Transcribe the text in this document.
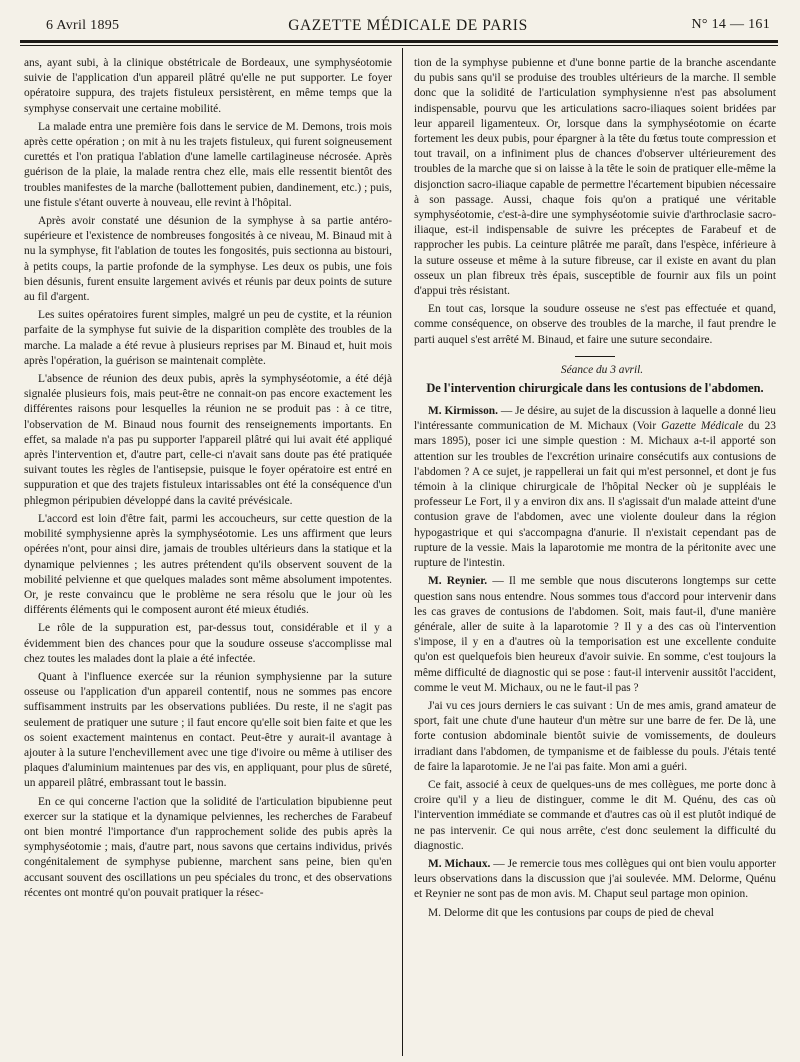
6 Avril 1895	GAZETTE MÉDICALE DE PARIS	N° 14 — 161

ans, ayant subi, à la clinique obstétricale de Bordeaux, une symphyséotomie suivie de l'application d'un appareil plâtré qu'elle ne put supporter. Le foyer opératoire suppura, des trajets fistuleux persistèrent, en même temps que la symphyse conservait une certaine mobilité.

La malade entra une première fois dans le service de M. Demons, trois mois après cette opération ; on mit à nu les trajets fistuleux, qui furent soigneusement curettés et l'on pratiqua l'ablation d'une lamelle cartilagineuse nécrosée. Après guérison de la plaie, la malade rentra chez elle, mais elle ressentit bientôt des troubles manifestes de la marche (ballottement pubien, dandinement, etc.) ; puis, une fistule s'étant ouverte à nouveau, elle revint à l'hôpital.

Après avoir constaté une désunion de la symphyse à sa partie antéro-supérieure et l'existence de nombreuses fongosités à ce niveau, M. Binaud mit à nu la symphyse, fit l'ablation de toutes les fongosités, puis sectionna au bistouri, à petits coups, la partie profonde de la symphyse. Les deux os pubis, une fois bien désunis, furent ensuite largement avivés et réunis par deux points de suture au fil d'argent.

Les suites opératoires furent simples, malgré un peu de cystite, et la réunion parfaite de la symphyse fut suivie de la disparition complète des troubles de la marche. La malade a été revue à plusieurs reprises par M. Binaud et, huit mois après l'opération, la guérison se maintenait complète.

L'absence de réunion des deux pubis, après la symphyséotomie, a été déjà signalée plusieurs fois, mais peut-être ne connait-on pas encore exactement les différentes raisons pour lesquelles la réunion ne se produit pas : à ce titre, l'observation de M. Binaud nous fournit des renseignements importants. En effet, sa malade n'a pas pu supporter l'appareil plâtré qui lui avait été appliqué après l'intervention et, d'autre part, celle-ci n'avait sans doute pas été pratiquée suivant toutes les règles de l'antisepsie, puisque le foyer opératoire est entré en suppuration et que des trajets fistuleux intarissables ont été la conséquence d'un phlegmon péripubien développé dans la cavité prévésicale.

L'accord est loin d'être fait, parmi les accoucheurs, sur cette question de la mobilité symphysienne après la symphyséotomie. Les uns affirment que leurs opérées n'ont, pour ainsi dire, jamais de troubles ultérieurs dans la statique et la dynamique pelviennes ; les autres prétendent qu'ils observent souvent de la mobilité pelvienne et que quelques malades sont même absolument impotentes. Or, je reste convaincu que le problème ne sera résolu que le jour où les différents éléments qui le composent auront été mieux étudiés.

Le rôle de la suppuration est, par-dessus tout, considérable et il y a évidemment bien des chances pour que la soudure osseuse s'accomplisse mal chez toutes les malades dont la plaie a été infectée.

Quant à l'influence exercée sur la réunion symphysienne par la suture osseuse ou l'application d'un appareil contentif, nous ne sommes pas encore suffisamment instruits par les observations publiées. Du reste, il ne s'agit pas seulement de pratiquer une suture ; il faut encore qu'elle soit bien faite et que les os soient exactement maintenus en contact. Peut-être y aurait-il avantage à ajouter à la suture l'enchevillement avec une tige d'ivoire ou même à utiliser des plaques d'aluminium maintenues par des vis, en appliquant, pour plus de sûreté, un appareil plâtré, embrassant tout le bassin.

En ce qui concerne l'action que la solidité de l'articulation bipubienne peut exercer sur la statique et la dynamique pelviennes, les recherches de Farabeuf ont bien montré l'importance d'un rapprochement solide des pubis après la symphyséotomie ; mais, d'autre part, nous savons que certains individus, privés congénitalement de symphyse pubienne, marchent sans peine, bien qu'en accusant souvent des oscillations un peu spéciales du tronc, et des observations récentes ont montré qu'on pouvait pratiquer la résec-

tion de la symphyse pubienne et d'une bonne partie de la branche ascendante du pubis sans qu'il se produise des troubles ultérieurs de la marche. Il semble donc que la solidité de l'articulation symphysienne n'est pas absolument indispensable, pourvu que les articulations sacro-iliaques soient bridées par leur appareil ligamenteux. Or, lorsque dans la symphyséotomie on écarte fortement les deux pubis, pour épargner à la tête du fœtus toute compression et tout travail, on a infiniment plus de chances d'observer ultérieurement des troubles de la marche que si on laisse à la tête le soin de pratiquer elle-même la disjonction sacro-iliaque capable de permettre l'écartement bipubien nécessaire à son passage. Aussi, chaque fois qu'on a pratiqué une véritable symphyséotomie, c'est-à-dire une symphyséotomie suivie d'arthroclasie sacro-iliaque, est-il indispensable de suivre les préceptes de Farabeuf et de rapprocher les pubis. La ceinture plâtrée me paraît, dans l'espèce, inférieure à la suture osseuse et même à la suture fibreuse, car il existe en avant du plan osseux un plan fibreux très épais, susceptible de fournir aux fils un point d'appui très résistant.

En tout cas, lorsque la soudure osseuse ne s'est pas effectuée et quand, comme conséquence, on observe des troubles de la marche, il faut prendre le parti auquel s'est arrêté M. Binaud, et faire une suture secondaire.

Séance du 3 avril.

De l'intervention chirurgicale dans les contusions de l'abdomen.

M. Kirmisson. — Je désire, au sujet de la discussion à laquelle a donné lieu l'intéressante communication de M. Michaux (Voir Gazette Médicale du 23 mars 1895), poser ici une simple question : M. Michaux a-t-il apporté son attention sur les troubles de l'excrétion urinaire consécutifs aux contusions de l'abdomen ? A ce sujet, je rappellerai un fait qui m'est personnel, et dont je fus témoin à la clinique chirurgicale de l'hôpital Necker où je suppléais le professeur Le Fort, il y a environ dix ans. Il s'agissait d'un malade atteint d'une contusion grave de l'abdomen, avec une violente douleur dans la région hypogastrique et qui s'accompagna d'anurie. Il n'existait cependant pas de rupture de la vessie. Mais la laparotomie me montra de la péritonite avec une rupture de l'intestin.

M. Reynier. — Il me semble que nous discuterons longtemps sur cette question sans nous entendre. Nous sommes tous d'accord pour intervenir dans les cas graves de contusions de l'abdomen. Soit, mais faut-il, d'une manière générale, aller de suite à la laparotomie ? Il y a des cas où l'intervention s'impose, il y en a d'autres où la temporisation est une excellente conduite qu'on est quelquefois bien heureux d'avoir suivie. En somme, c'est toujours la même difficulté de diagnostic qui se pose : faut-il intervenir aussitôt l'accident, comme le veut M. Michaux, ou ne le faut-il pas ?

J'ai vu ces jours derniers le cas suivant : Un de mes amis, grand amateur de sport, fait une chute d'une hauteur d'un mètre sur une barre de fer. De là, une forte contusion abdominale bientôt suivie de vomissements, de douleurs irradiant dans l'abdomen, de tympanisme et de faiblesse du pouls. J'étais tenté de faire la laparotomie. Je ne l'ai pas faite. Mon ami a guéri.

Ce fait, associé à ceux de quelques-uns de mes collègues, me porte donc à croire qu'il y a lieu de distinguer, comme le dit M. Quénu, des cas où l'intervention immédiate se commande et d'autres cas où il est plutôt indiqué de ne pas intervenir. Ce qui nous arrête, c'est donc seulement la difficulté du diagnostic.

M. Michaux. — Je remercie tous mes collègues qui ont bien voulu apporter leurs observations dans la discussion que j'ai soulevée. MM. Delorme, Quénu et Reynier ne sont pas de mon avis. M. Chaput seul partage mon opinion.

M. Delorme dit que les contusions par coups de pied de cheval
